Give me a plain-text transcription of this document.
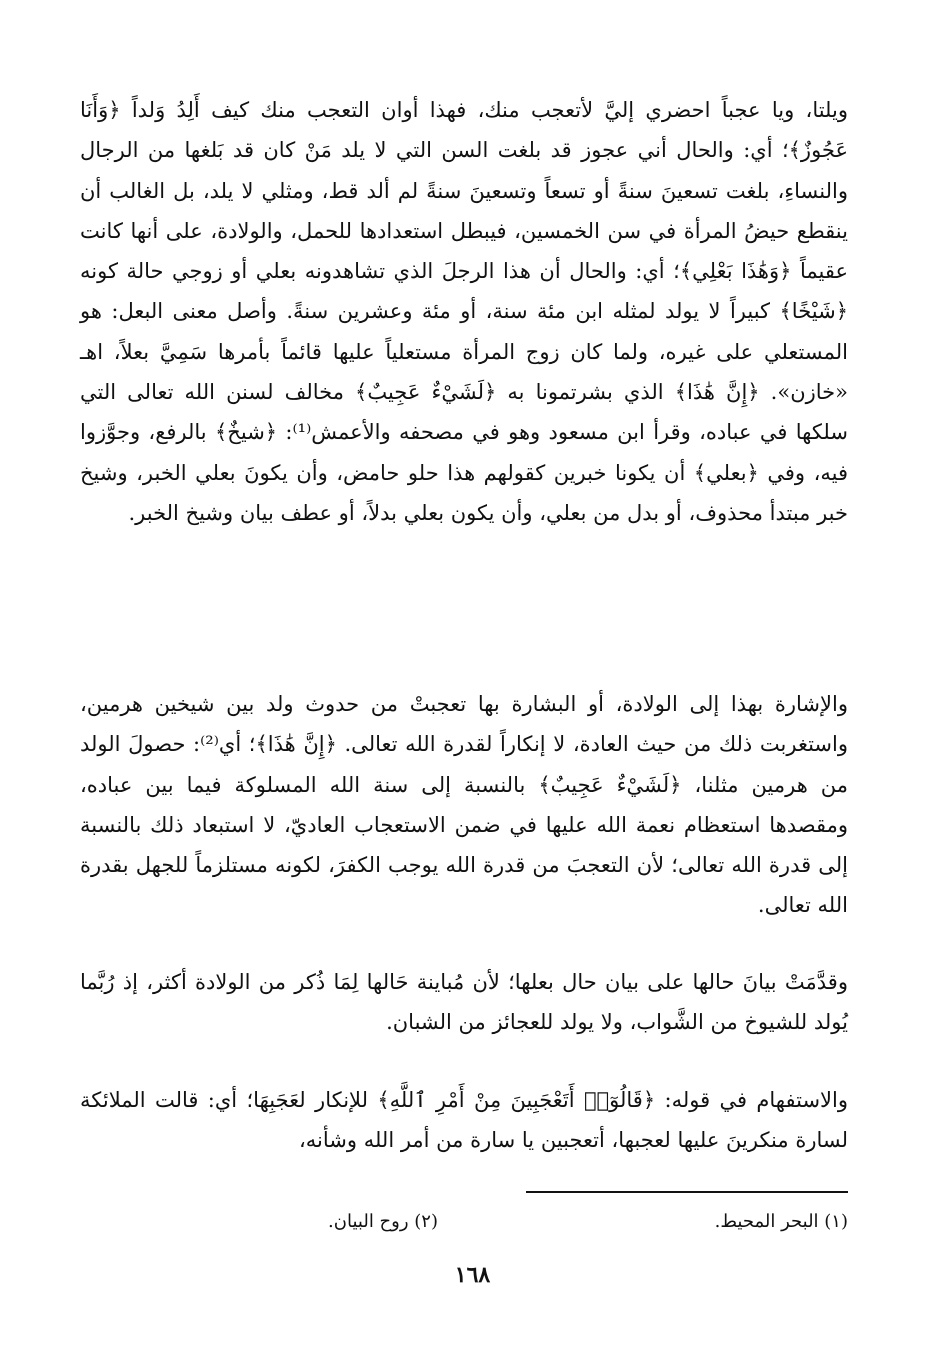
ويلتا، ويا عجباً احضري إليَّ لأتعجب منك، فهذا أوان التعجب منك كيف أَلِدُ وَلداً ﴿وَأَنَا عَجُوزٌ﴾؛ أي: والحال أني عجوز قد بلغت السن التي لا يلد مَنْ كان قد بَلغها من الرجال والنساءِ، بلغت تسعينَ سنةً أو تسعاً وتسعينَ سنةً لم ألد قط، ومثلي لا يلد، بل الغالب أن ينقطع حيضُ المرأة في سن الخمسين، فيبطل استعدادها للحمل، والولادة، على أنها كانت عقيماً ﴿وَهَٰذَا بَعْلِي﴾؛ أي: والحال أن هذا الرجلَ الذي تشاهدونه بعلي أو زوجي حالة كونه ﴿شَيْخًا﴾ كبيراً لا يولد لمثله ابن مئة سنة، أو مئة وعشرين سنةً. وأصل معنى البعل: هو المستعلي على غيره، ولما كان زوج المرأة مستعلياً عليها قائماً بأمرها سَمِيَّ بعلاً، اهـ «خازن». ﴿إِنَّ هَٰذَا﴾ الذي بشرتمونا به ﴿لَشَيْءٌ عَجِيبٌ﴾ مخالف لسنن الله تعالى التي سلكها في عباده، وقرأ ابن مسعود وهو في مصحفه والأعمش⁽¹⁾: ﴿شيخٌ﴾ بالرفع، وجوَّزوا فيه، وفي ﴿بعلي﴾ أن يكونا خبرين كقولهم هذا حلو حامض، وأن يكونَ بعلي الخبر، وشيخ خبر مبتدأ محذوف، أو بدل من بعلي، وأن يكون بعلي بدلاً، أو عطف بيان وشيخ الخبر.

والإشارة بهذا إلى الولادة، أو البشارة بها تعجبتْ من حدوث ولد بين شيخين هرمين، واستغربت ذلك من حيث العادة، لا إنكاراً لقدرة الله تعالى. ﴿إِنَّ هَٰذَا﴾؛ أي⁽²⁾: حصولَ الولد من هرمين مثلنا، ﴿لَشَيْءٌ عَجِيبٌ﴾ بالنسبة إلى سنة الله المسلوكة فيما بين عباده، ومقصدها استعظام نعمة الله عليها في ضمن الاستعجاب العاديّ، لا استبعاد ذلك بالنسبة إلى قدرة الله تعالى؛ لأن التعجبَ من قدرة الله يوجب الكفرَ، لكونه مستلزماً للجهل بقدرة الله تعالى.

وقدَّمَتْ بيانَ حالها على بيان حال بعلها؛ لأن مُباينة حَالها لِمَا ذُكر من الولادة أكثر، إذ رُبَّما يُولد للشيوخ من الشَّواب، ولا يولد للعجائز من الشبان.

والاستفهام في قوله: ﴿قَالُوٓا۟ أَتَعْجَبِينَ مِنْ أَمْرِ ٱللَّهِ﴾ للإنكار لعَجَبِهَا؛ أي: قالت الملائكة لسارة منكرينَ عليها لعجبها، أتعجبين يا سارة من أمر الله وشأنه،

(١) البحر المحيط.
(٢) روح البيان.
١٦٨
